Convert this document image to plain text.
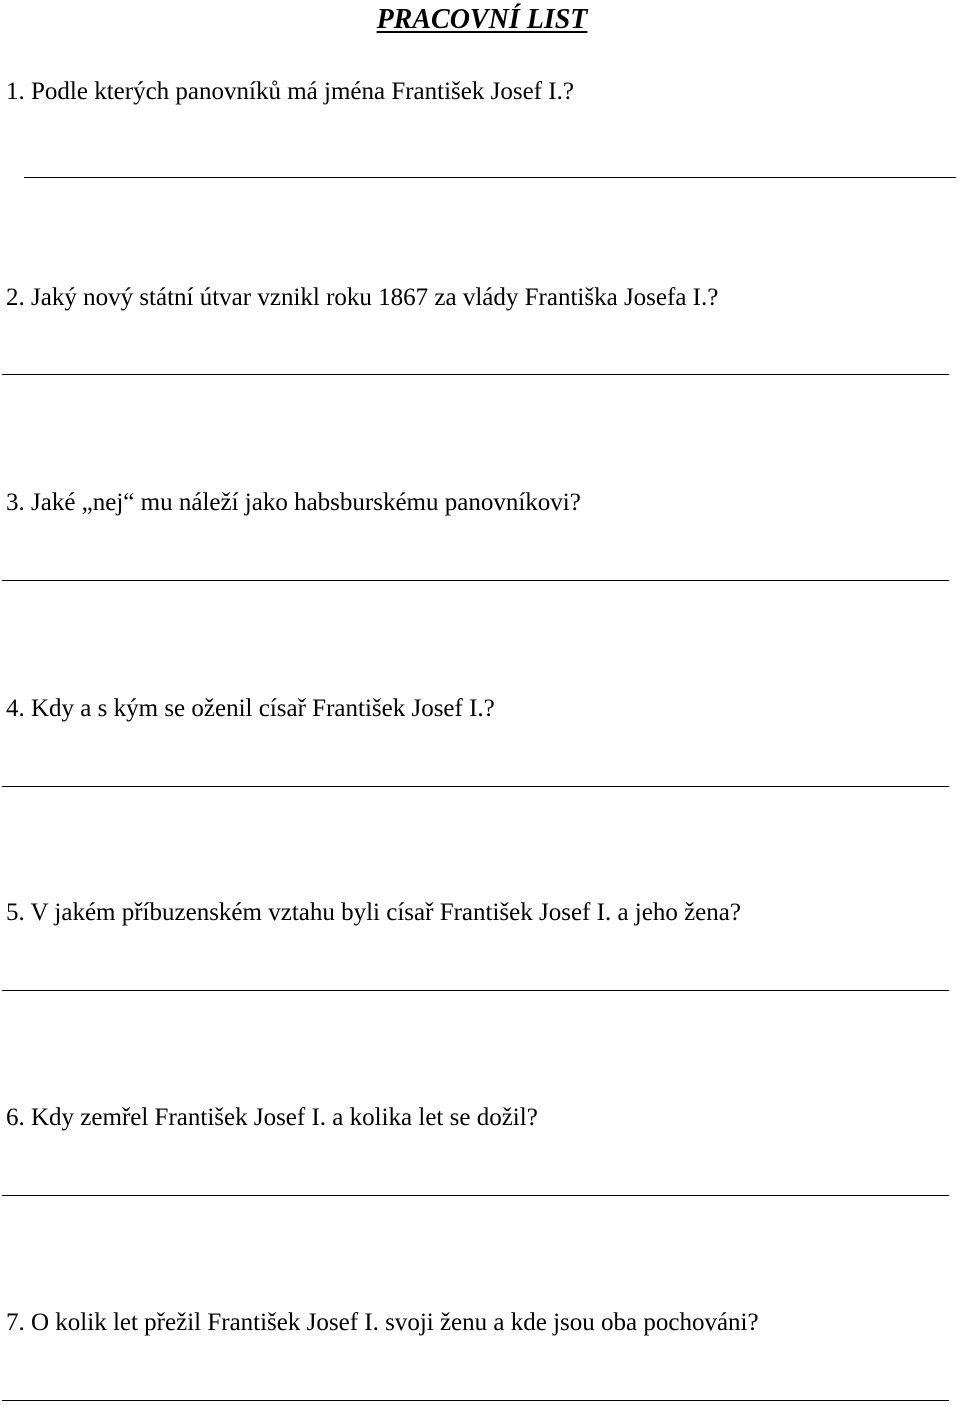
PRACOVNÍ LIST

1. Podle kterých panovníků má jména František Josef I.?

2. Jaký nový státní útvar vznikl roku 1867 za vlády Františka Josefa I.?

3. Jaké „nej“ mu náleží jako habsburskému panovníkovi?

4. Kdy a s kým se oženil císař František Josef I.?

5. V jakém příbuzenském vztahu byli císař František Josef I. a jeho žena?

6. Kdy zemřel František Josef I. a kolika let se dožil?

7. O kolik let přežil František Josef I. svoji ženu a kde jsou oba pochováni?
